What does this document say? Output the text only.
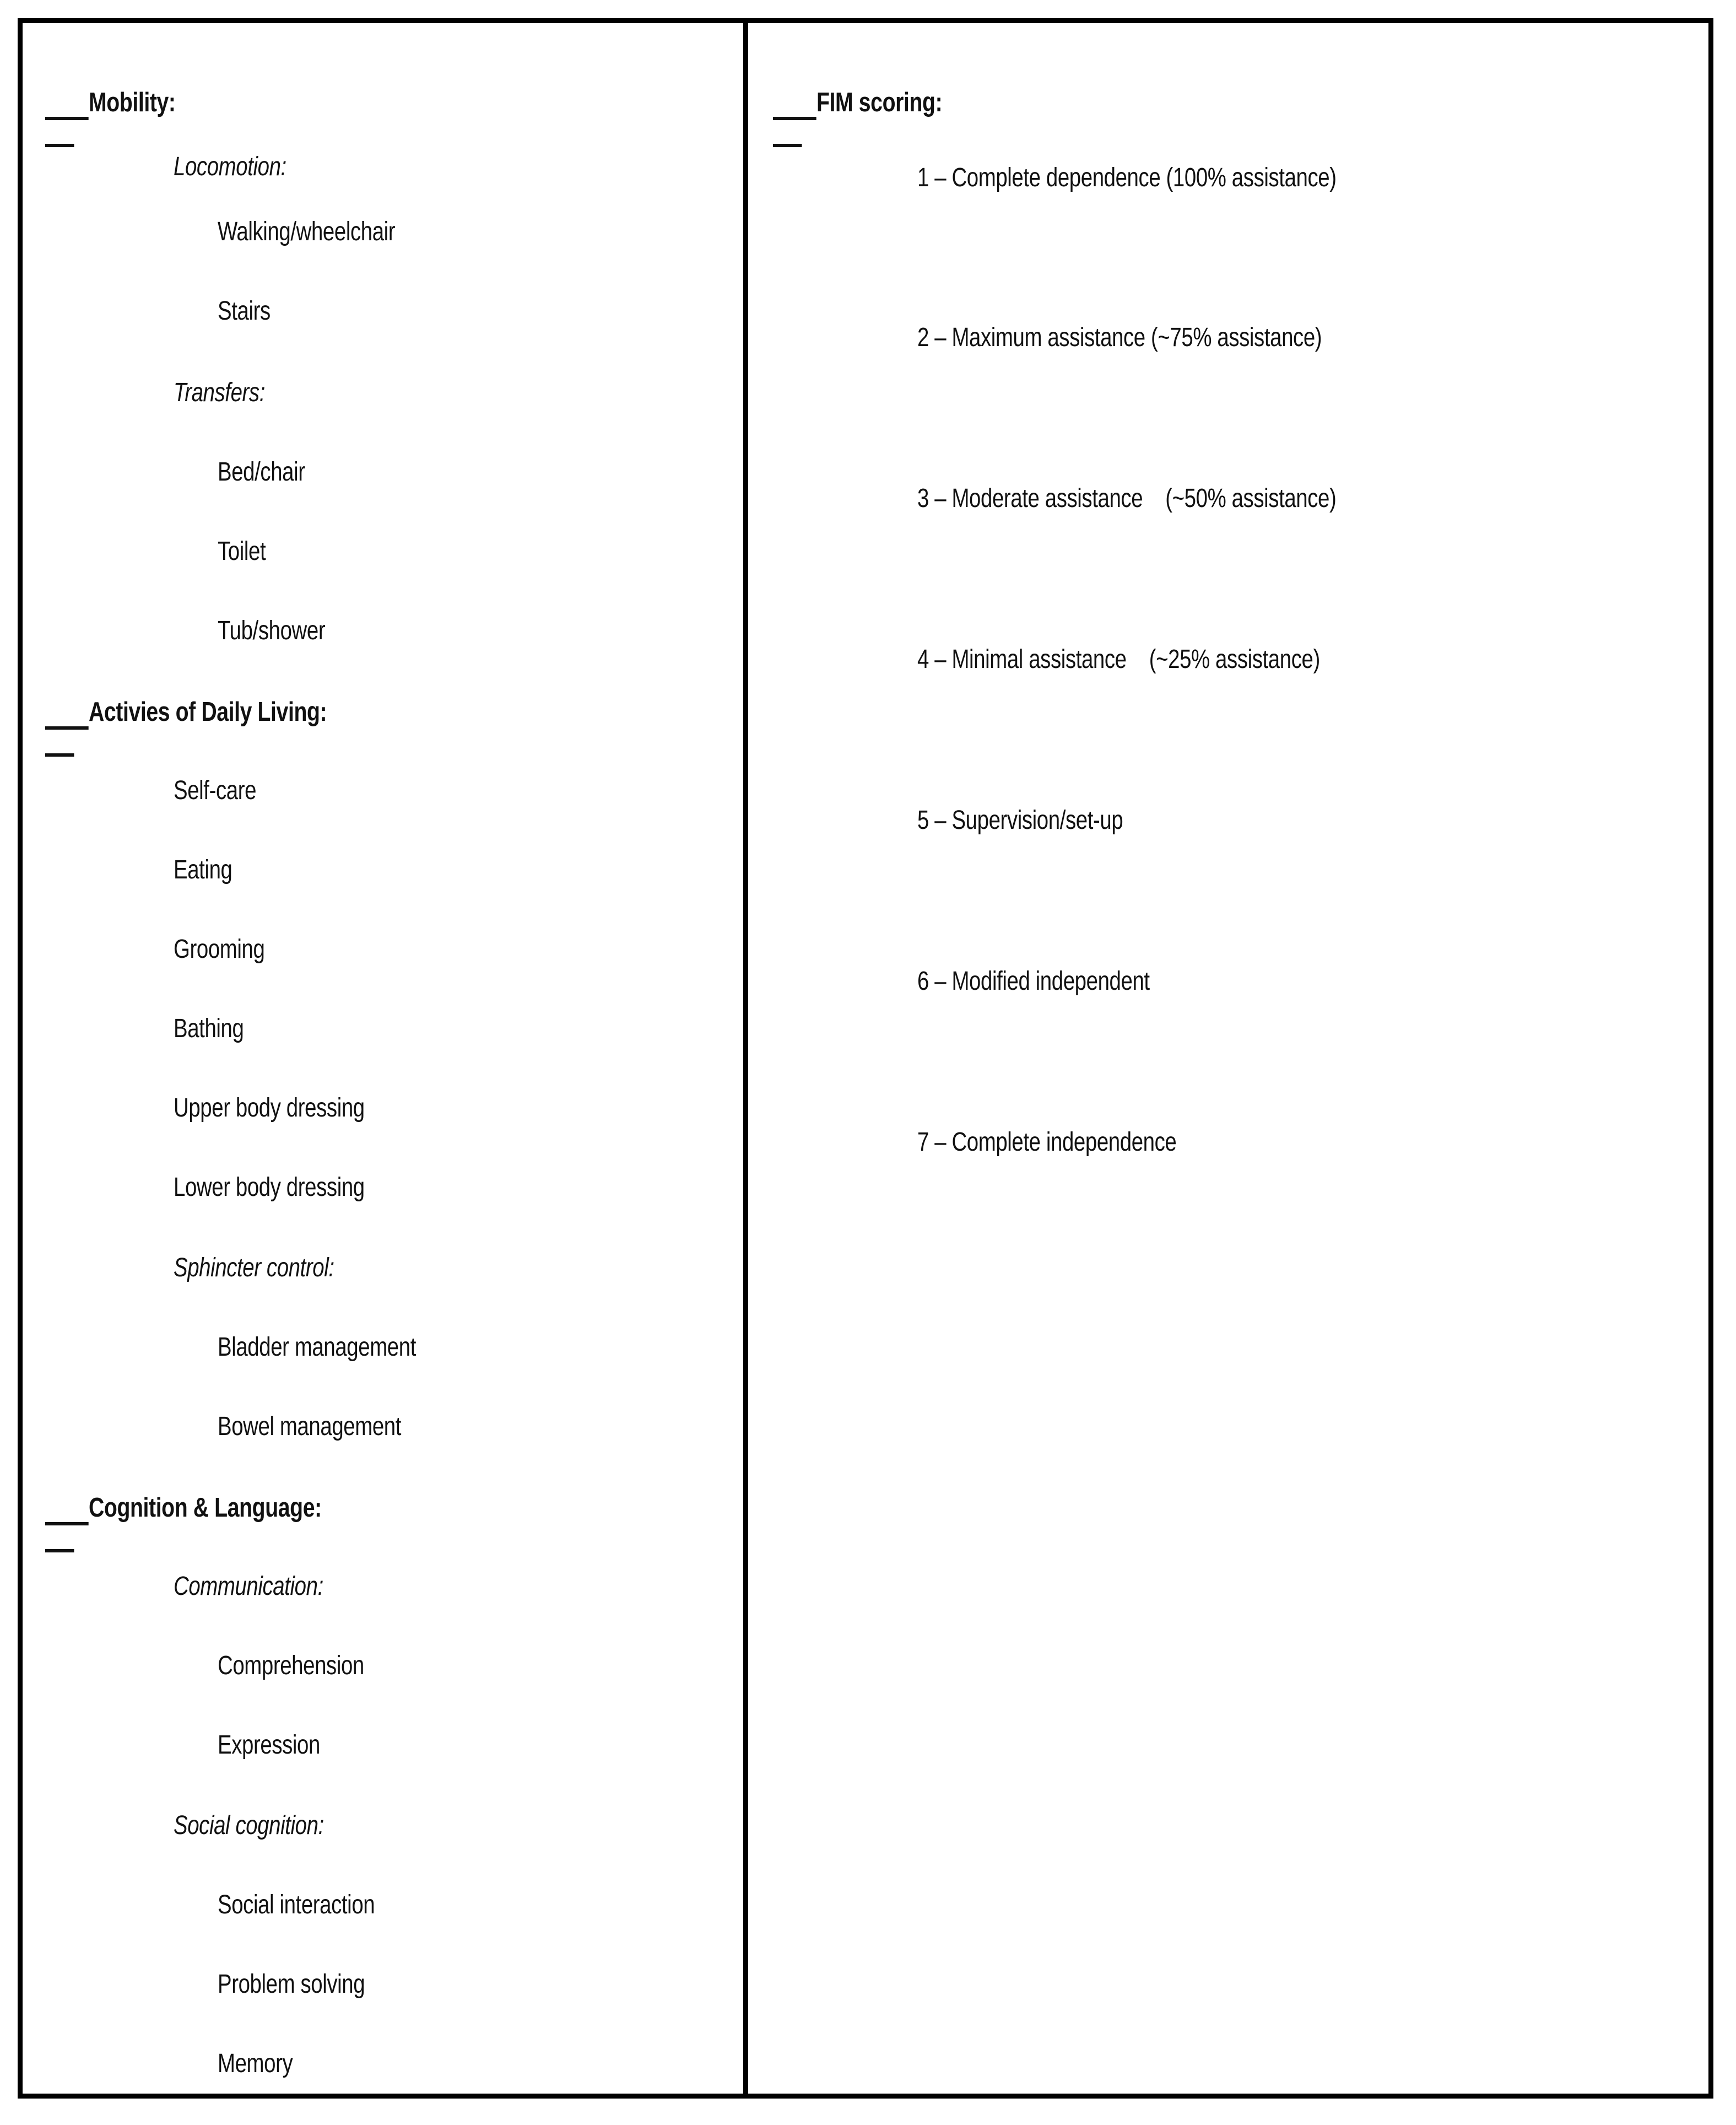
Mobility:

Locomotion:

Walking/wheelchair

Stairs

Transfers:

Bed/chair

Toilet

Tub/shower

Activies of Daily Living:

Self-care

Eating

Grooming

Bathing

Upper body dressing

Lower body dressing

Sphincter control:

Bladder management

Bowel management

Cognition & Language:

Communication:

Comprehension

Expression

Social cognition:

Social interaction

Problem solving

Memory

FIM scoring:

1 – Complete dependence (100% assistance)

2 – Maximum assistance (~75% assistance)

3 – Moderate assistance    (~50% assistance)

4 – Minimal assistance    (~25% assistance)

5 – Supervision/set-up

6 – Modified independent

7 – Complete independence
